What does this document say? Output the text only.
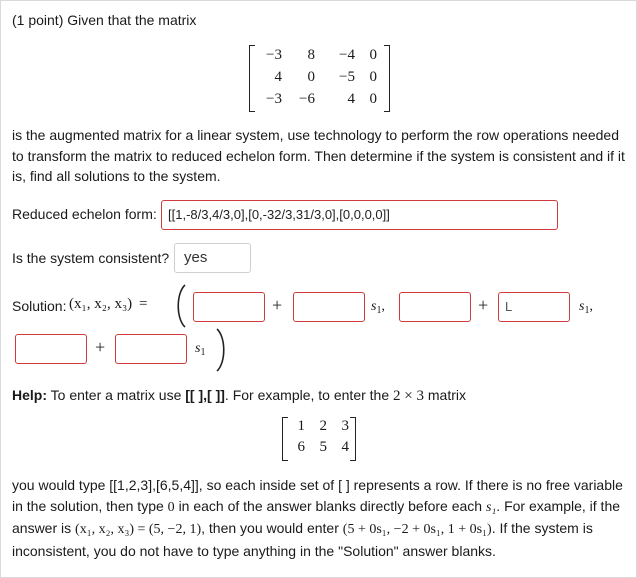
(1 point) Given that the matrix
−3	8	−4 0
4	0	−5 0
−3	−6	4 0
is the augmented matrix for a linear system, use technology to perform the row operations needed to transform the matrix to reduced echelon form. Then determine if the system is consistent and if it is, find all solutions to the system.
Reduced echelon form: [[1,-8/3,4/3,0],[0,-32/3,31/3,0],[0,0,0,0]]
Is the system consistent? yes
Solution: (x₁, x₂, x₃) =	+	$s_1$,	+	L	$s_1$,
+	$s_1$
Help: To enter a matrix use [[ ],[ ]]. For example, to enter the 2 × 3 matrix
1 2 3
6 5 4
you would type [[1,2,3],[6,5,4]], so each inside set of [ ] represents a row. If there is no free variable in the solution, then type 0 in each of the answer blanks directly before each s₁. For example, if the answer is (x₁, x₂, x₃) = (5, −2, 1), then you would enter (5 + 0s₁, −2 + 0s₁, 1 + 0s₁). If the system is inconsistent, you do not have to type anything in the "Solution" answer blanks.
